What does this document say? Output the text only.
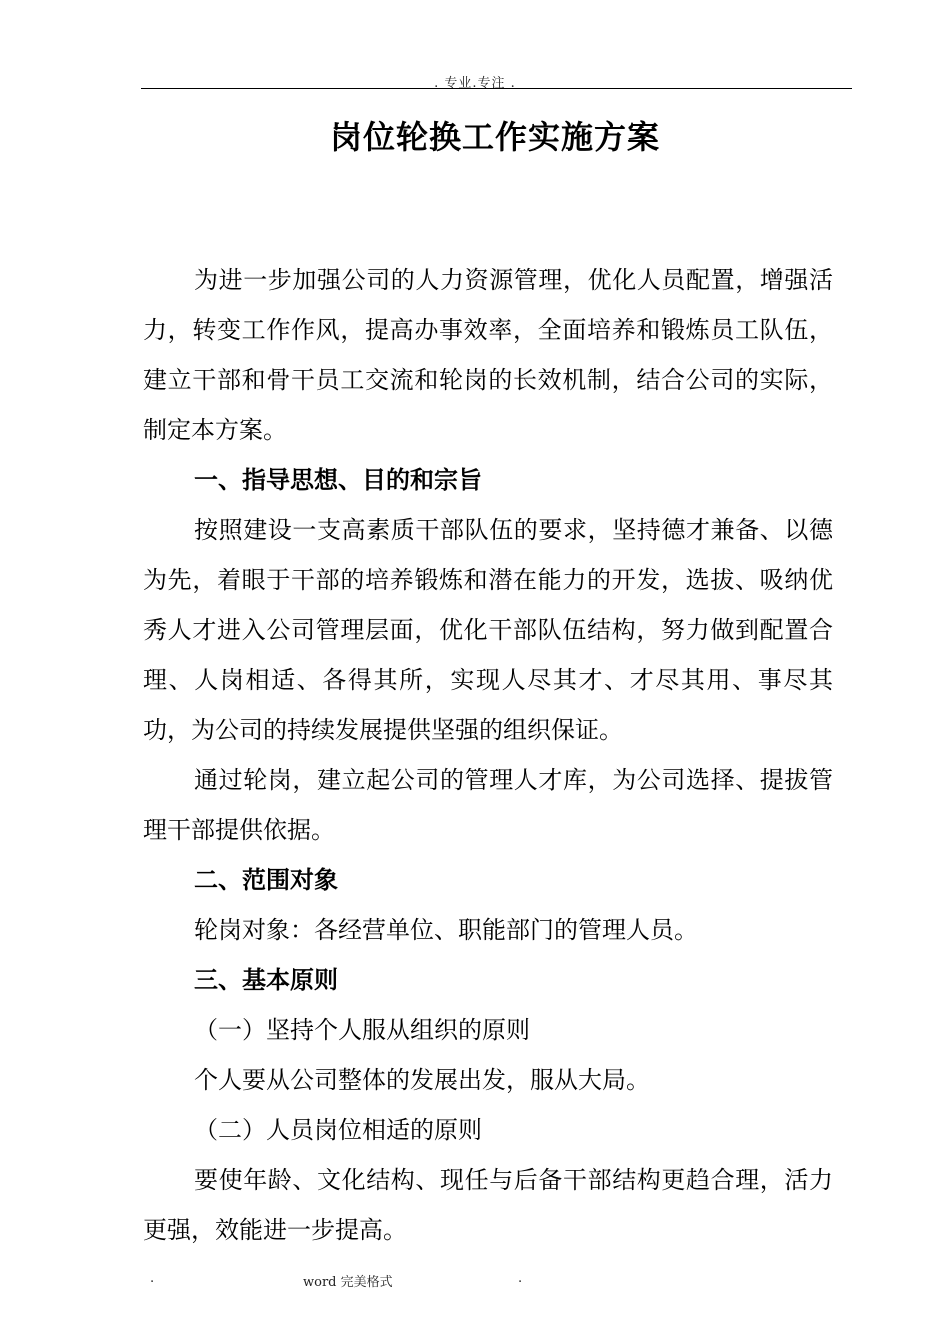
. 专业.专注 .
岗位轮换工作实施方案

为进一步加强公司的人力资源管理，优化人员配置，增强活力，转变工作作风，提高办事效率，全面培养和锻炼员工队伍，建立干部和骨干员工交流和轮岗的长效机制，结合公司的实际，制定本方案。

一、指导思想、目的和宗旨

按照建设一支高素质干部队伍的要求，坚持德才兼备、以德为先，着眼于干部的培养锻炼和潜在能力的开发，选拔、吸纳优秀人才进入公司管理层面，优化干部队伍结构，努力做到配置合理、人岗相适、各得其所，实现人尽其才、才尽其用、事尽其功，为公司的持续发展提供坚强的组织保证。

通过轮岗，建立起公司的管理人才库，为公司选择、提拔管理干部提供依据。

二、范围对象

轮岗对象：各经营单位、职能部门的管理人员。

三、基本原则

（一）坚持个人服从组织的原则

个人要从公司整体的发展出发，服从大局。

（二）人员岗位相适的原则

要使年龄、文化结构、现任与后备干部结构更趋合理，活力更强，效能进一步提高。

.	word 完美格式	.
